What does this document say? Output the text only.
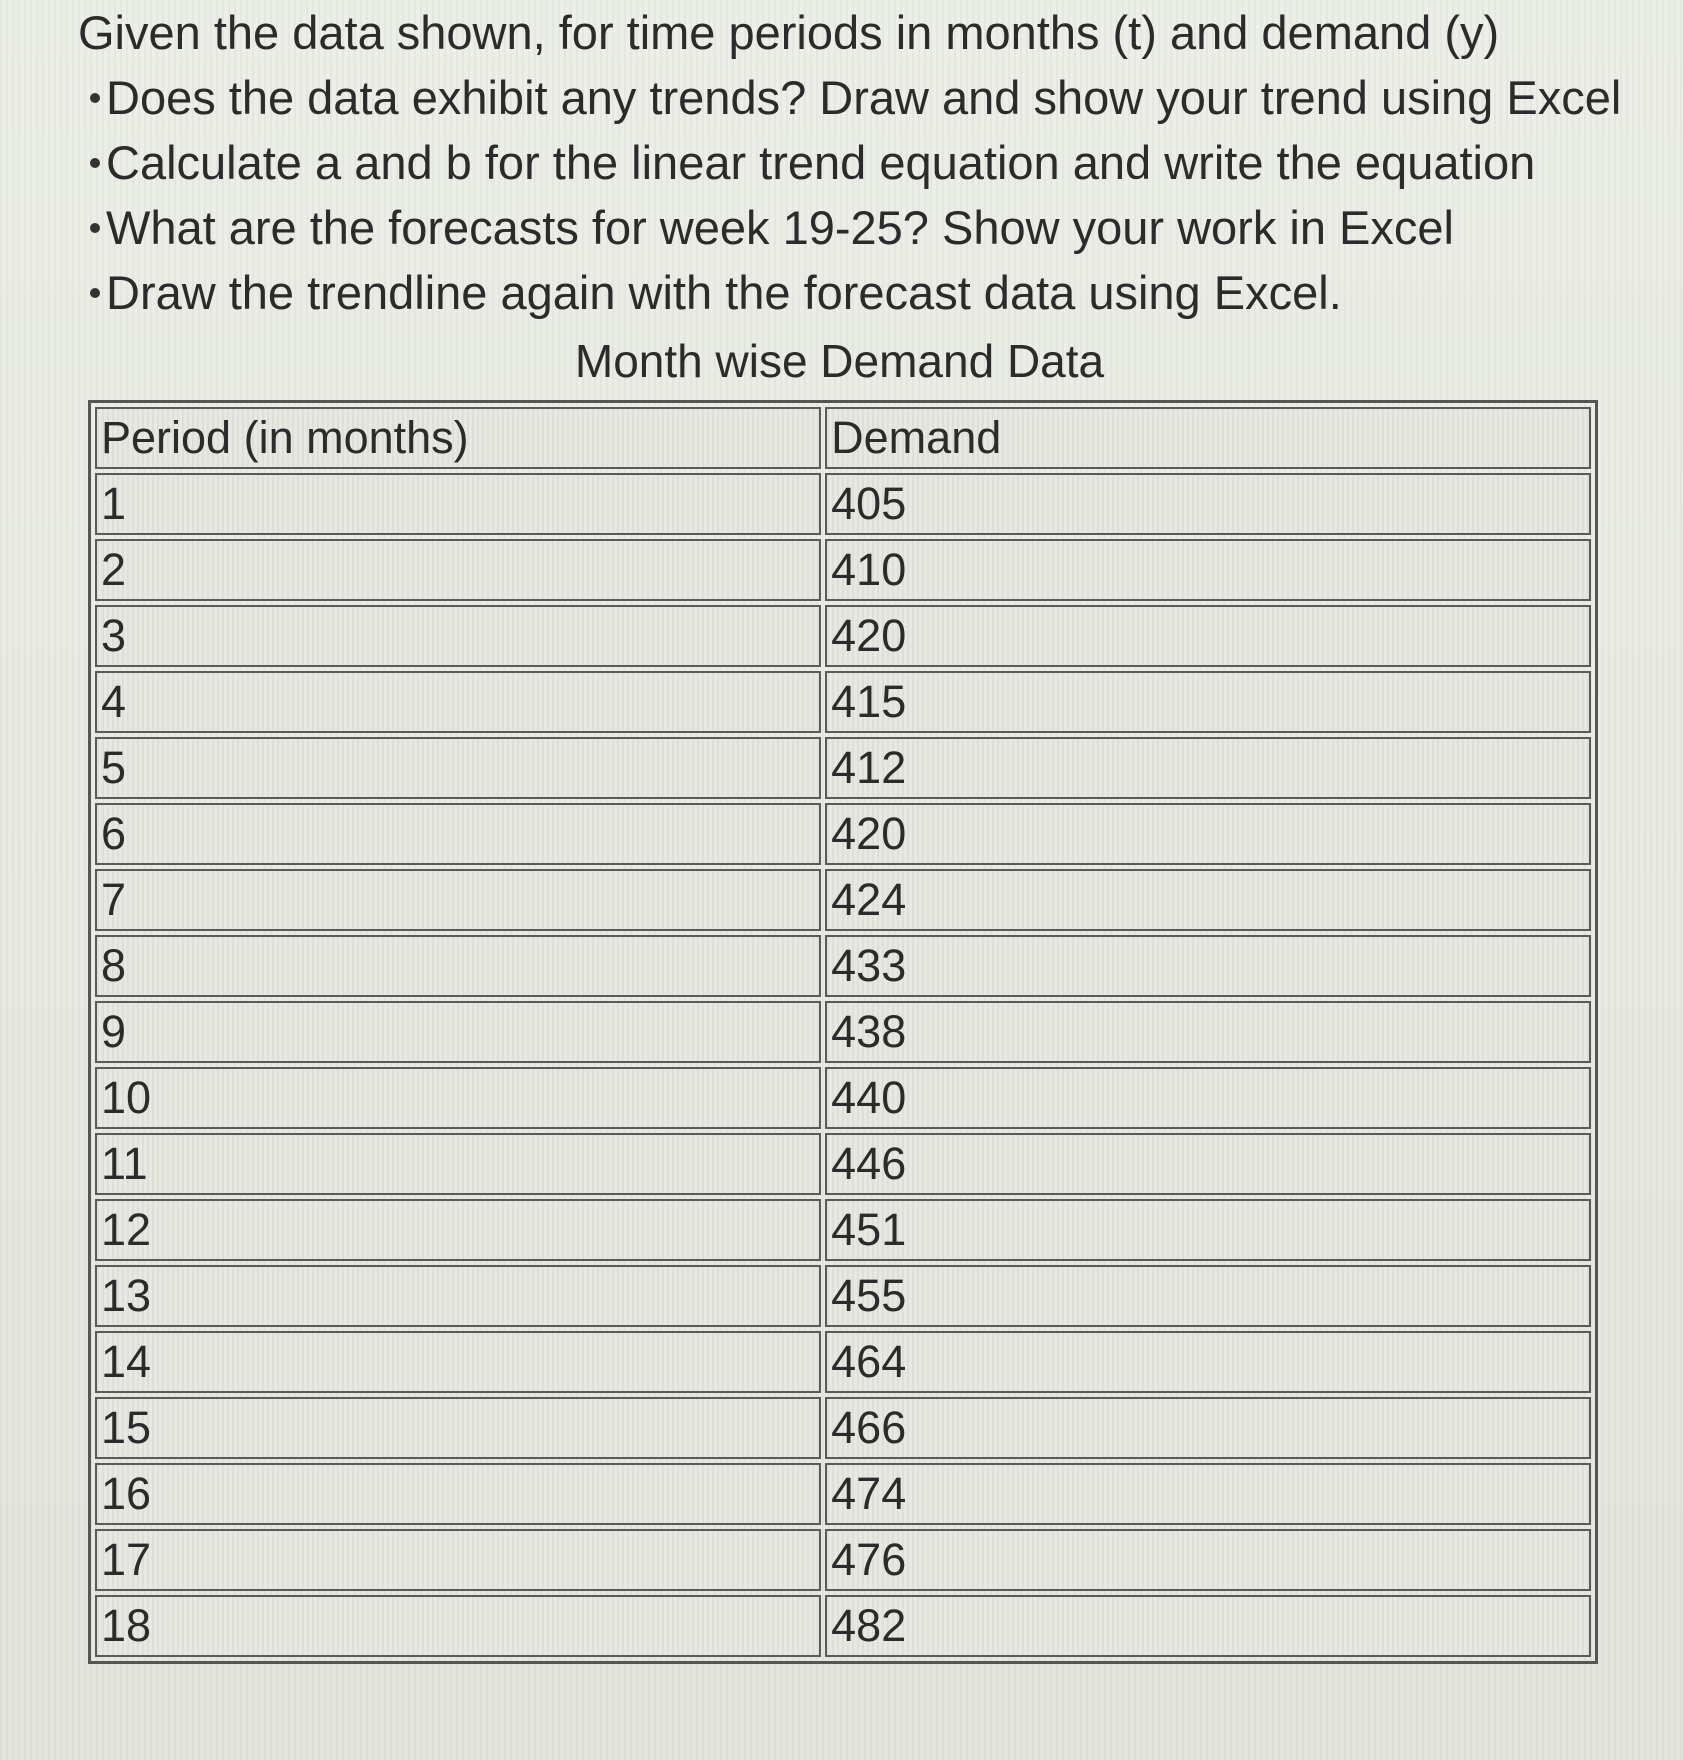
Given the data shown, for time periods in months (t) and demand (y)
Does the data exhibit any trends? Draw and show your trend using Excel
Calculate a and b for the linear trend equation and write the equation
What are the forecasts for week 19-25? Show your work in Excel
Draw the trendline again with the forecast data using Excel.
Month wise Demand Data
Period (in months)	Demand
1	405
2	410
3	420
4	415
5	412
6	420
7	424
8	433
9	438
10	440
11	446
12	451
13	455
14	464
15	466
16	474
17	476
18	482
